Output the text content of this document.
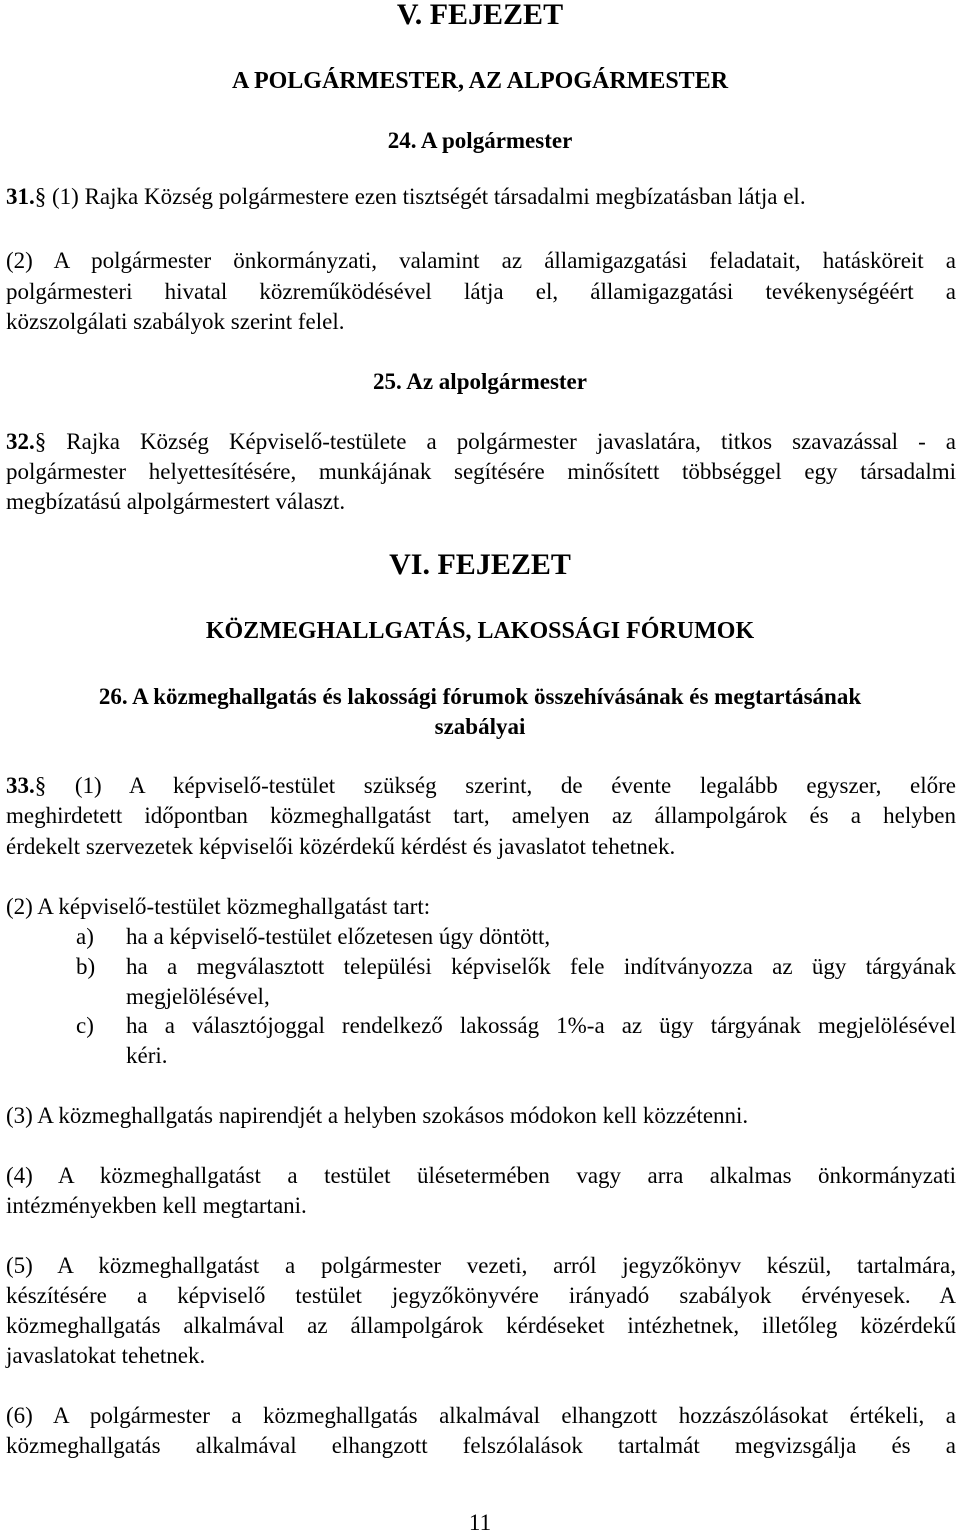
V. FEJEZET
A POLGÁRMESTER, AZ ALPOGÁRMESTER
24. A polgármester
31.§ (1) Rajka Község polgármestere ezen tisztségét társadalmi megbízatásban látja el.
(2) A polgármester önkormányzati, valamint az államigazgatási feladatait, hatásköreit a
polgármesteri hivatal közreműködésével látja el, államigazgatási tevékenységéért a
közszolgálati szabályok szerint felel.
25. Az alpolgármester
32.§ Rajka Község Képviselő-testülete a polgármester javaslatára, titkos szavazással - a
polgármester helyettesítésére, munkájának segítésére minősített többséggel egy társadalmi
megbízatású alpolgármestert választ.
VI. FEJEZET
KÖZMEGHALLGATÁS, LAKOSSÁGI FÓRUMOK
26. A közmeghallgatás és lakossági fórumok összehívásának és megtartásának
szabályai
33.§ (1) A képviselő-testület szükség szerint, de évente legalább egyszer, előre
meghirdetett időpontban közmeghallgatást tart, amelyen az állampolgárok és a helyben
érdekelt szervezetek képviselői közérdekű kérdést és javaslatot tehetnek.
(2) A képviselő-testület közmeghallgatást tart:
a) ha a képviselő-testület előzetesen úgy döntött,
b) ha a megválasztott települési képviselők fele indítványozza az ügy tárgyának
megjelölésével,
c) ha a választójoggal rendelkező lakosság 1%-a az ügy tárgyának megjelölésével
kéri.
(3) A közmeghallgatás napirendjét a helyben szokásos módokon kell közzétenni.
(4) A közmeghallgatást a testület ülésetermében vagy arra alkalmas önkormányzati
intézményekben kell megtartani.
(5) A közmeghallgatást a polgármester vezeti, arról jegyzőkönyv készül, tartalmára,
készítésére a képviselő testület jegyzőkönyvére irányadó szabályok érvényesek. A
közmeghallgatás alkalmával az állampolgárok kérdéseket intézhetnek, illetőleg közérdekű
javaslatokat tehetnek.
(6) A polgármester a közmeghallgatás alkalmával elhangzott hozzászólásokat értékeli, a
közmeghallgatás alkalmával elhangzott felszólalások tartalmát megvizsgálja és a
11
